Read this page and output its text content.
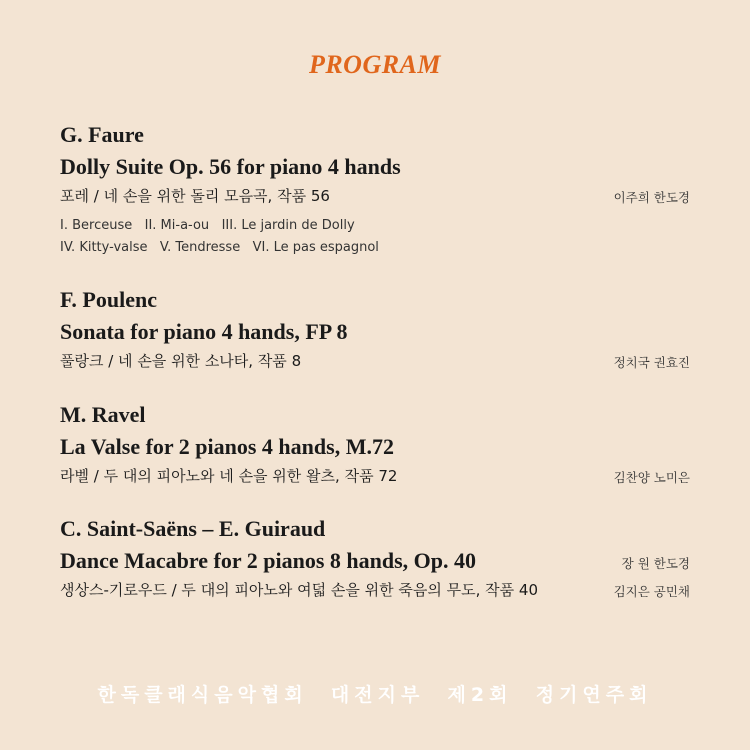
PROGRAM
G. Faure
Dolly Suite Op. 56 for piano 4 hands
포레 / 네 손을 위한 돌리 모음곡, 작품 56	이주희 한도경
I. Berceuse   II. Mi-a-ou   III. Le jardin de Dolly
IV. Kitty-valse   V. Tendresse   VI. Le pas espagnol
F. Poulenc
Sonata for piano 4 hands, FP 8
풀랑크 / 네 손을 위한 소나타, 작품 8	정치국 권효진
M. Ravel
La Valse for 2 pianos 4 hands, M.72
라벨 / 두 대의 피아노와 네 손을 위한 왈츠, 작품 72	김찬양 노미은
C. Saint-Saëns – E. Guiraud
Dance Macabre for 2 pianos 8 hands, Op. 40	장 원 한도경
생상스-기로우드 / 두 대의 피아노와 여덟 손을 위한 죽음의 무도, 작품 40	김지은 공민채
한독클래식음악협회  대전지부  제2회  정기연주회
